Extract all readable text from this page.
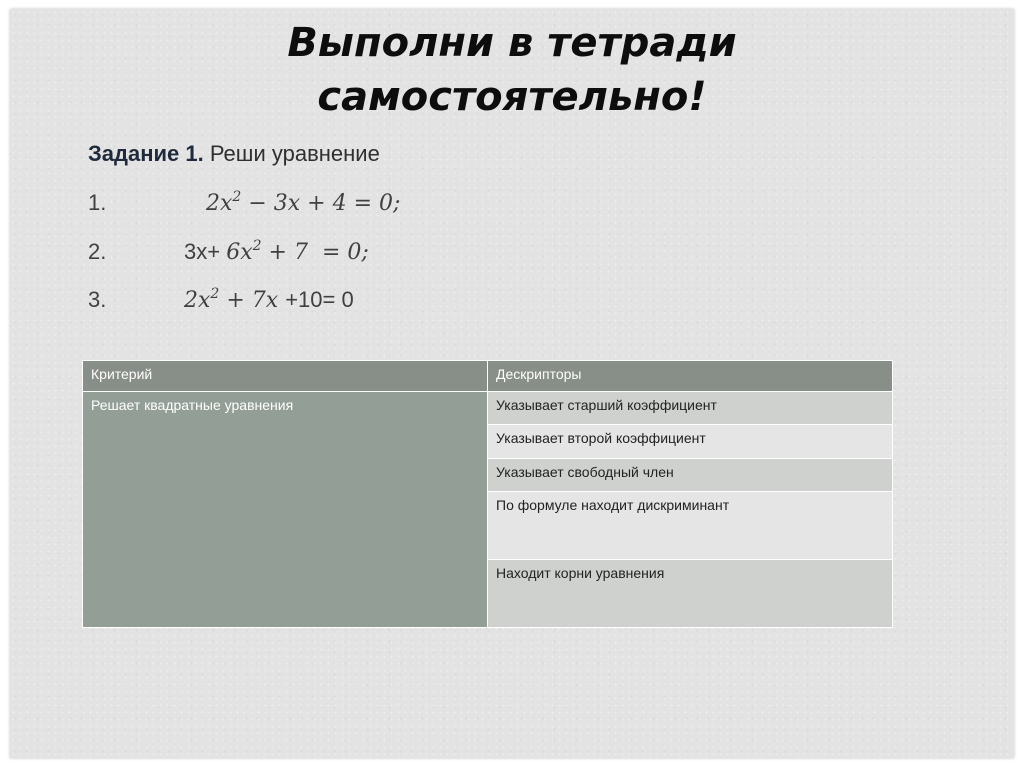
Выполни в тетради
самостоятельно!
Задание 1. Реши уравнение
1.	$2x^2 - 3x + 4 = 0$;
2.	$3х+ 6x^2 + 7 = 0$;
3.	$2x^2 + 7x +10= 0$
Критерий	Дескрипторы
Решает квадратные уравнения	Указывает старший коэффициент
	Указывает второй коэффициент
	Указывает свободный член
	По формуле находит дискриминант
	Находит корни уравнения
